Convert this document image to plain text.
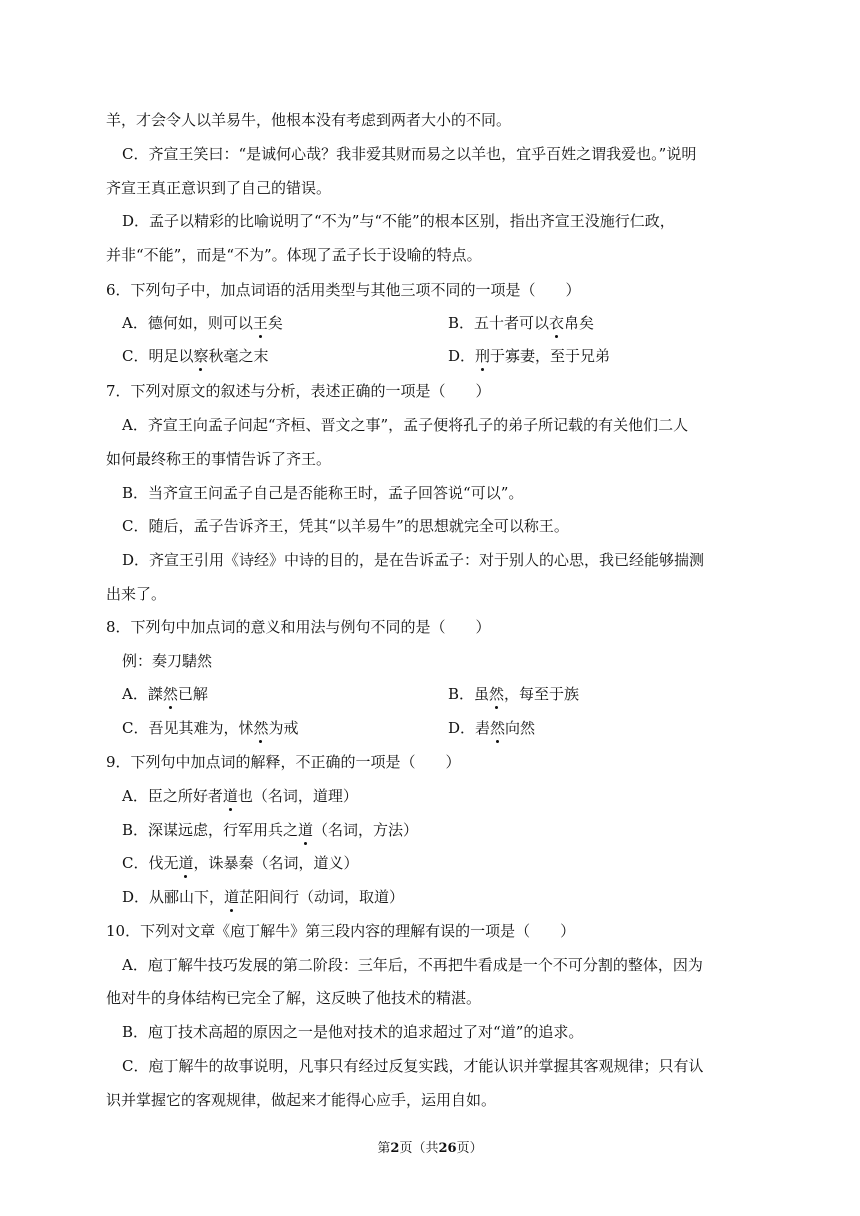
羊，才会令人以羊易牛，他根本没有考虑到两者大小的不同。
C．齐宣王笑曰：“是诚何心哉？我非爱其财而易之以羊也，宜乎百姓之谓我爱也。”说明
齐宣王真正意识到了自己的错误。
D．孟子以精彩的比喻说明了“不为”与“不能”的根本区别，指出齐宣王没施行仁政，
并非“不能”，而是“不为”。体现了孟子长于设喻的特点。
6．下列句子中，加点词语的活用类型与其他三项不同的一项是（　　）
A．德何如，则可以王矣	B．五十者可以衣帛矣
C．明足以察秋毫之末	D．刑于寡妻，至于兄弟
7．下列对原文的叙述与分析，表述正确的一项是（　　）
A．齐宣王向孟子问起“齐桓、晋文之事”，孟子便将孔子的弟子所记载的有关他们二人
如何最终称王的事情告诉了齐王。
B．当齐宣王问孟子自己是否能称王时，孟子回答说“可以”。
C．随后，孟子告诉齐王，凭其“以羊易牛”的思想就完全可以称王。
D．齐宣王引用《诗经》中诗的目的，是在告诉孟子：对于别人的心思，我已经能够揣测
出来了。
8．下列句中加点词的意义和用法与例句不同的是（　　）
例：奏刀騞然
A．謋然已解	B．虽然，每至于族
C．吾见其难为，怵然为戒	D．砉然向然
9．下列句中加点词的解释，不正确的一项是（　　）
A．臣之所好者道也（名词，道理）
B．深谋远虑，行军用兵之道（名词，方法）
C．伐无道，诛暴秦（名词，道义）
D．从郦山下，道芷阳间行（动词，取道）
10．下列对文章《庖丁解牛》第三段内容的理解有误的一项是（　　）
A．庖丁解牛技巧发展的第二阶段：三年后，不再把牛看成是一个不可分割的整体，因为
他对牛的身体结构已完全了解，这反映了他技术的精湛。
B．庖丁技术高超的原因之一是他对技术的追求超过了对“道”的追求。
C．庖丁解牛的故事说明，凡事只有经过反复实践，才能认识并掌握其客观规律；只有认
识并掌握它的客观规律，做起来才能得心应手，运用自如。
第2页（共26页）
